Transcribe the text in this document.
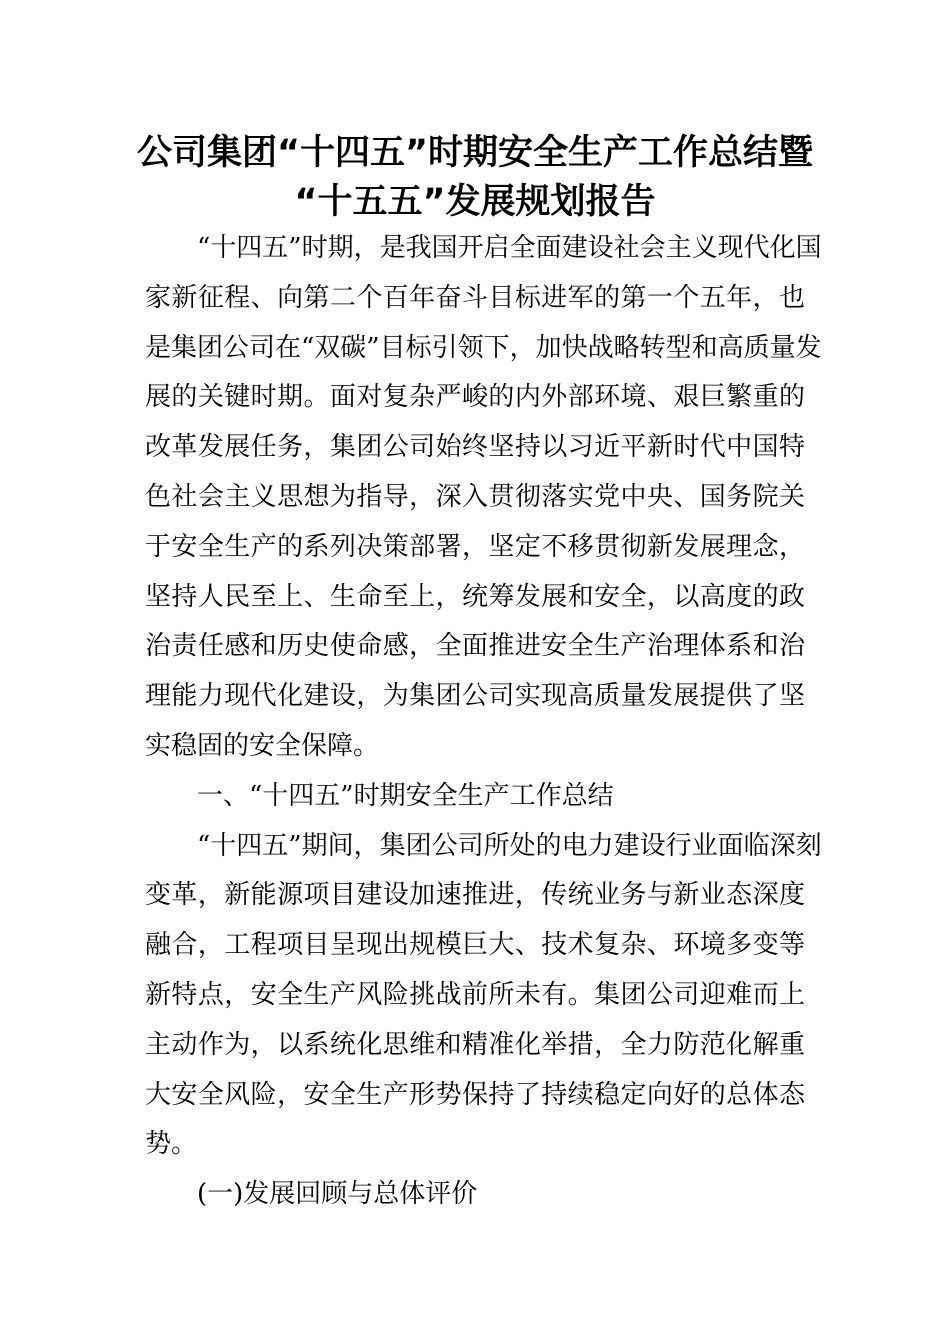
公司集团“十四五”时期安全生产工作总结暨
“十五五”发展规划报告
“十四五”时期，是我国开启全面建设社会主义现代化国
家新征程、向第二个百年奋斗目标进军的第一个五年，也
是集团公司在“双碳”目标引领下，加快战略转型和高质量发
展的关键时期。面对复杂严峻的内外部环境、艰巨繁重的
改革发展任务，集团公司始终坚持以习近平新时代中国特
色社会主义思想为指导，深入贯彻落实党中央、国务院关
于安全生产的系列决策部署，坚定不移贯彻新发展理念，
坚持人民至上、生命至上，统筹发展和安全，以高度的政
治责任感和历史使命感，全面推进安全生产治理体系和治
理能力现代化建设，为集团公司实现高质量发展提供了坚
实稳固的安全保障。
一、“十四五”时期安全生产工作总结
“十四五”期间，集团公司所处的电力建设行业面临深刻
变革，新能源项目建设加速推进，传统业务与新业态深度
融合，工程项目呈现出规模巨大、技术复杂、环境多变等
新特点，安全生产风险挑战前所未有。集团公司迎难而上
主动作为，以系统化思维和精准化举措，全力防范化解重
大安全风险，安全生产形势保持了持续稳定向好的总体态
势。
(一)发展回顾与总体评价
